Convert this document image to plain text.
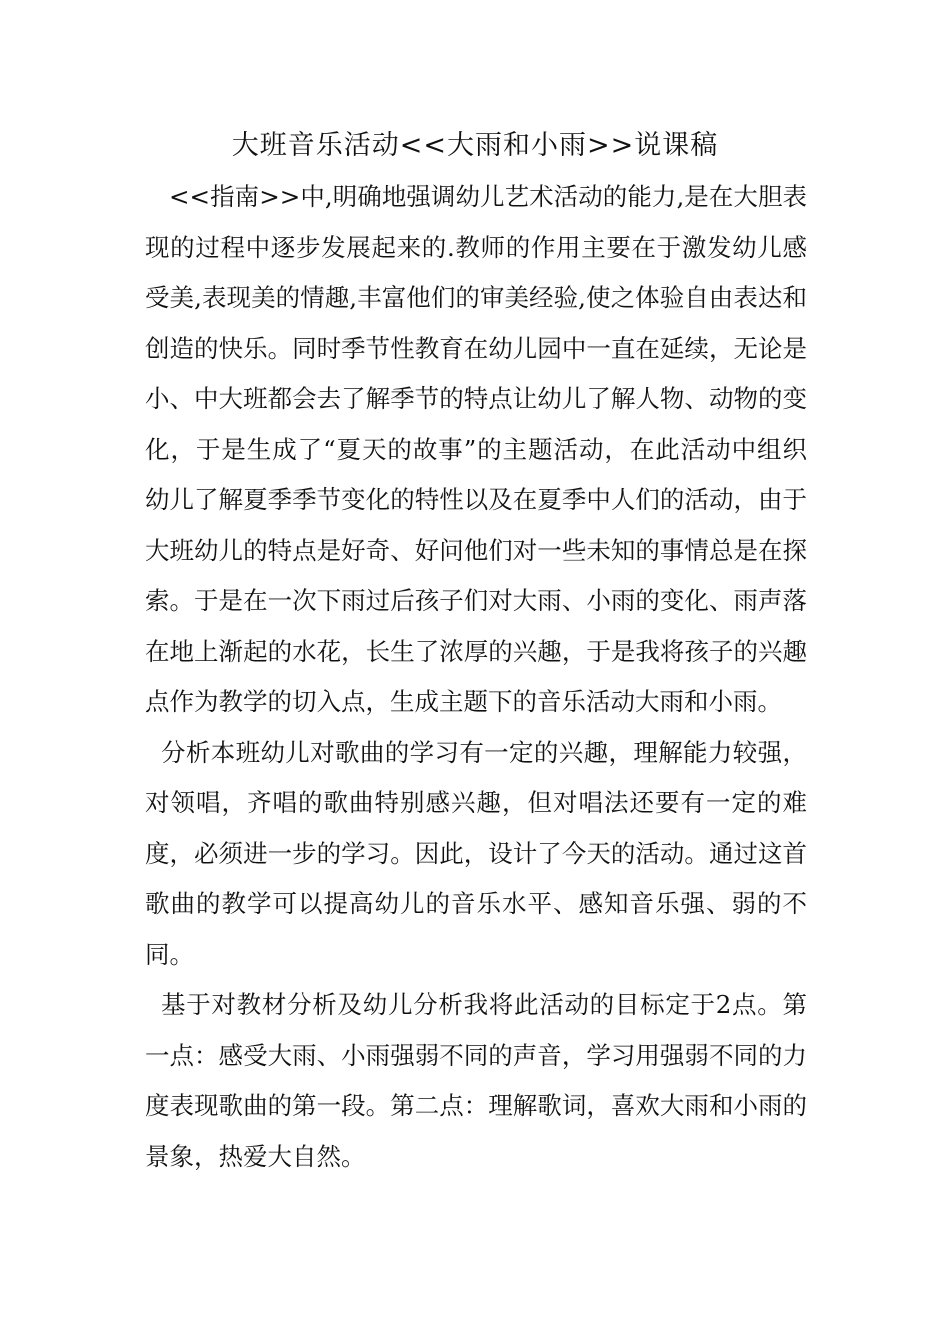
大班音乐活动<<大雨和小雨>>说课稿

<<指南>>中,明确地强调幼儿艺术活动的能力,是在大胆表现的过程中逐步发展起来的.教师的作用主要在于激发幼儿感受美,表现美的情趣,丰富他们的审美经验,使之体验自由表达和创造的快乐。同时季节性教育在幼儿园中一直在延续，无论是小、中大班都会去了解季节的特点让幼儿了解人物、动物的变化，于是生成了“夏天的故事”的主题活动，在此活动中组织幼儿了解夏季季节变化的特性以及在夏季中人们的活动，由于大班幼儿的特点是好奇、好问他们对一些未知的事情总是在探索。于是在一次下雨过后孩子们对大雨、小雨的变化、雨声落在地上渐起的水花，长生了浓厚的兴趣，于是我将孩子的兴趣点作为教学的切入点，生成主题下的音乐活动大雨和小雨。

分析本班幼儿对歌曲的学习有一定的兴趣，理解能力较强，对领唱，齐唱的歌曲特别感兴趣，但对唱法还要有一定的难度，必须进一步的学习。因此，设计了今天的活动。通过这首歌曲的教学可以提高幼儿的音乐水平、感知音乐强、弱的不同。

基于对教材分析及幼儿分析我将此活动的目标定于2点。第一点：感受大雨、小雨强弱不同的声音，学习用强弱不同的力度表现歌曲的第一段。第二点：理解歌词，喜欢大雨和小雨的景象，热爱大自然。
